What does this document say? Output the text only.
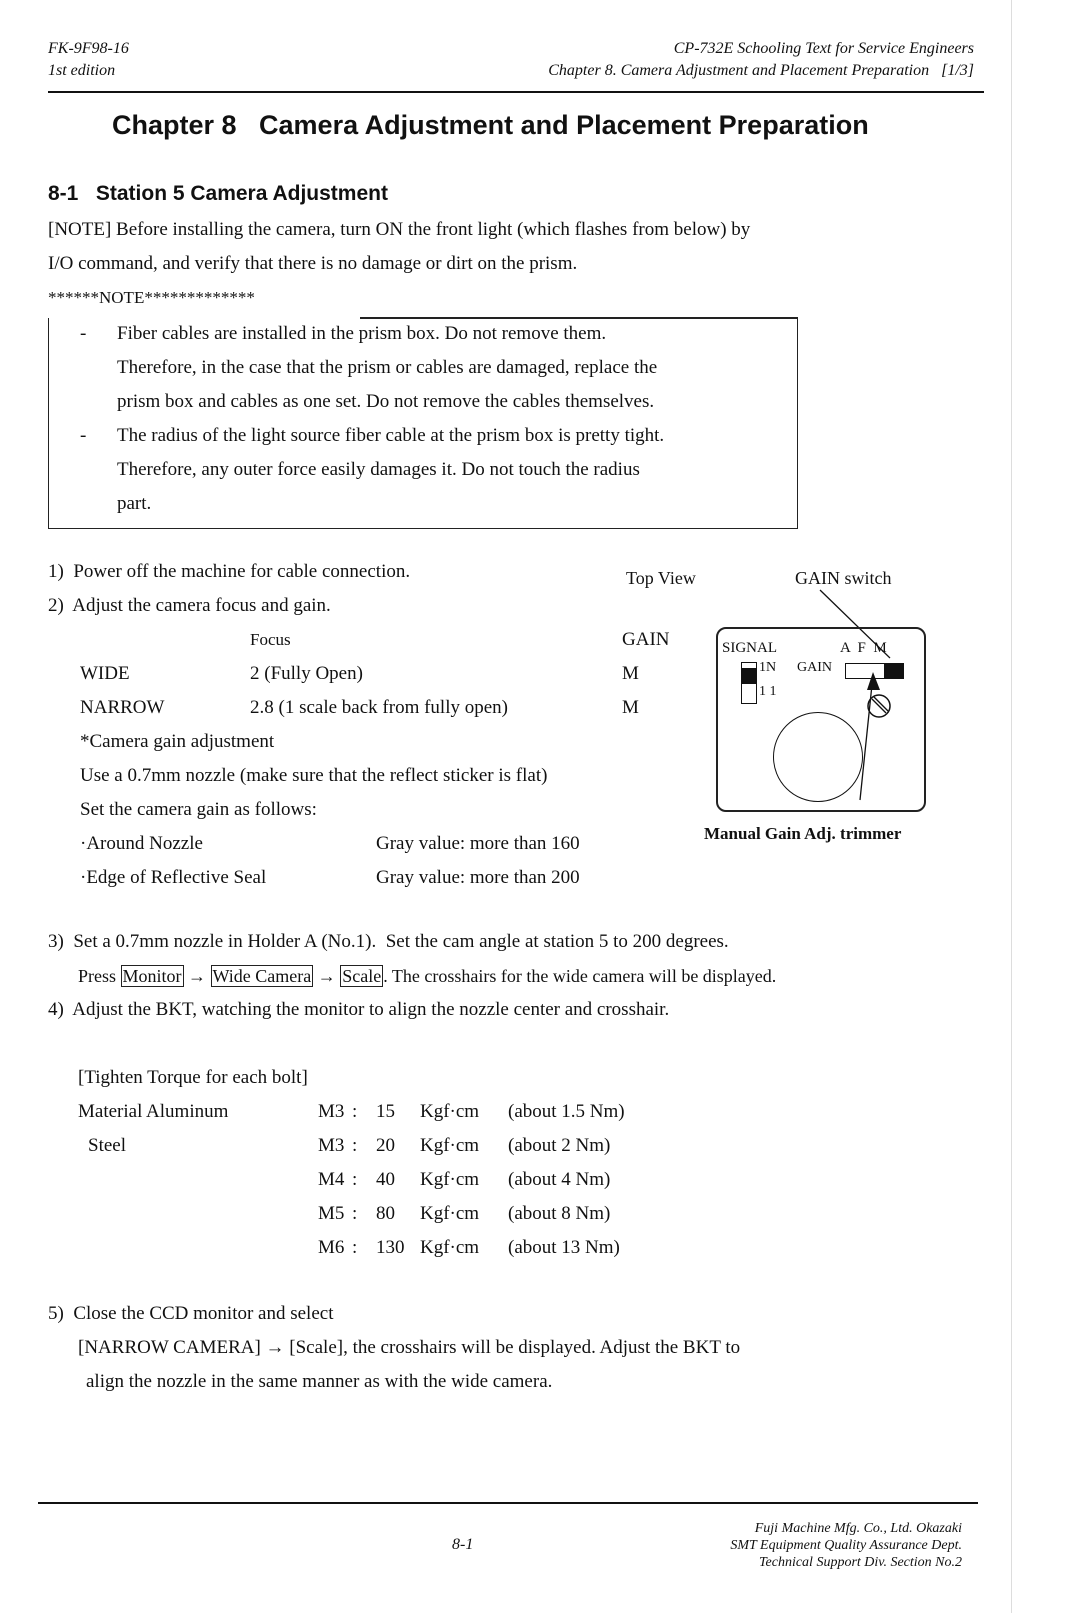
FK-9F98-16
1st edition
CP-732E Schooling Text for Service Engineers
Chapter 8. Camera Adjustment and Placement Preparation   [1/3]
Chapter 8   Camera Adjustment and Placement Preparation
8-1   Station 5 Camera Adjustment
[NOTE] Before installing the camera, turn ON the front light (which flashes from below) by
I/O command, and verify that there is no damage or dirt on the prism.
******NOTE*************
- Fiber cables are installed in the prism box. Do not remove them.
Therefore, in the case that the prism or cables are damaged, replace the
prism box and cables as one set. Do not remove the cables themselves.
- The radius of the light source fiber cable at the prism box is pretty tight.
Therefore, any outer force easily damages it. Do not touch the radius
part.
1)  Power off the machine for cable connection.
2)  Adjust the camera focus and gain.
Focus	GAIN
WIDE	2 (Fully Open)	M
NARROW	2.8 (1 scale back from fully open)	M
*Camera gain adjustment
Use a 0.7mm nozzle (make sure that the reflect sticker is flat)
Set the camera gain as follows:
·Around Nozzle	Gray value: more than 160
·Edge of Reflective Seal	Gray value: more than 200
Top View	GAIN switch
SIGNAL	A  F  M
1N
1 1
GAIN
Manual Gain Adj. trimmer
3)  Set a 0.7mm nozzle in Holder A (No.1).  Set the cam angle at station 5 to 200 degrees.
Press Monitor → Wide Camera → Scale . The crosshairs for the wide camera will be displayed.
4)  Adjust the BKT, watching the monitor to align the nozzle center and crosshair.
[Tighten Torque for each bolt]
Material Aluminum	M3 : 15 Kgf·cm (about 1.5 Nm)
Steel	M3 : 20 Kgf·cm (about 2 Nm)
M4 : 40 Kgf·cm (about 4 Nm)
M5 : 80 Kgf·cm (about 8 Nm)
M6 : 130 Kgf·cm (about 13 Nm)
5)  Close the CCD monitor and select
[NARROW CAMERA] → [Scale], the crosshairs will be displayed. Adjust the BKT to
align the nozzle in the same manner as with the wide camera.
8-1
Fuji Machine Mfg. Co., Ltd. Okazaki
SMT Equipment Quality Assurance Dept.
Technical Support Div. Section No.2
